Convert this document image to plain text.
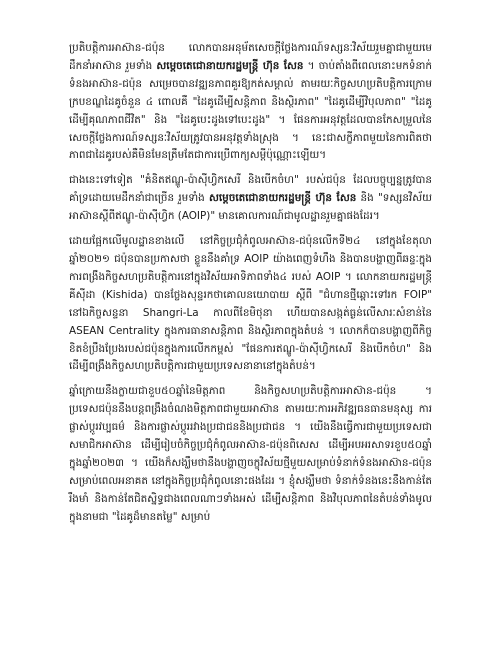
ប្រតិបត្តិការអាស៊ាន-ជប៉ុន លោកបានអនុម័តសេចក្តីថ្លែងការណ៍ទស្សនៈវិស័យរួមគ្នាជាមួយមេដឹកនាំអាស៊ាន រួមទាំង សម្តេចតេជោនាយករដ្ឋមន្ត្រី ហ៊ុន សែន ។ ចាប់តាំងពីពេលនោះមកទំនាក់ទំនងអាស៊ាន-ជប៉ុន សម្រេចបានវឌ្ឍនភាពគួរឱ្យកត់សម្គាល់ តាមរយៈកិច្ចសហប្រតិបត្តិការក្រោមក្របខណ្ឌដៃគូចំនួន ៤ ពោលគឺ "ដៃគូដើម្បីសន្តិភាព និងស្ថិរភាព" "ដៃគូដើម្បីវិបុលភាព" "ដៃគូដើម្បីគុណភាពជីវិត" និង "ដៃគូបេះដូងទៅបេះដូង" ។ ផែនការអនុវត្តដែលបានកែសម្រួលនៃសេចក្តីថ្លែងការណ៍ទស្សនៈវិស័យត្រូវបានអនុវត្តទាំងស្រុង ។ នេះជាសក្ខីភាពមួយនៃការពិតថា ភាពជាដៃគូរបស់គឺមិនមែនត្រឹមតែជាការប្រើពាក្យសម្តីប៉ុណ្ណោះឡើយ។

ជាងនេះទៅទៀត "គំនិតឥណ្ឌូ-ប៉ាស៊ីហ្វិកសេរី និងបើកចំហ" របស់ជប៉ុន ដែលបច្ចុប្បន្នត្រូវបានគាំទ្រដោយមេដឹកនាំជាច្រើន រួមទាំង សម្តេចតេជោនាយករដ្ឋមន្ត្រី ហ៊ុន សែន និង "ទស្សនវិស័យអាស៊ានស្តីពីឥណ្ឌូ-ប៉ាស៊ីហ្វិក (AOIP)" មានគោលការណ៍ជាមូលដ្ឋានរួមគ្នាផងដែរ។

ដោយផ្អែកលើមូលដ្ឋានខាងលើ នៅកិច្ចប្រជុំកំពូលអាស៊ាន-ជប៉ុនលើកទី២៤ នៅក្នុងខែតុលា ឆ្នាំ២០២១ ជប៉ុនបានប្រកាសថា ខ្លួននឹងគាំទ្រ AOIP យ៉ាងពេញទំហឹង និងបានបង្ហាញពីឆន្ទៈក្នុងការពង្រឹងកិច្ចសហប្រតិបត្តិការនៅក្នុងវិស័យអាទិភាពទាំង៤ របស់ AOIP ។ លោកនាយករដ្ឋមន្ត្រី គីស៊ីដា (Kishida) បានថ្លែងសុន្ទរកថាគោលនយោបាយ ស្តីពី "ជំហានថ្មីឆ្ពោះទៅរក FOIP" នៅឯកិច្ចសន្ទនា Shangri-La កាលពីខែមិថុនា ហើយបានសង្កត់ធ្ងន់លើសារៈសំខាន់នៃ ASEAN Centrality ក្នុងការធានាសន្តិភាព និងស្ថិរភាពក្នុងតំបន់ ។ លោកក៏បានបង្ហាញពីកិច្ចខិតខំប្រឹងប្រែងរបស់ជប៉ុនក្នុងការលើកកម្ពស់ "ផែនការឥណ្ឌូ-ប៉ាស៊ីហ្វិកសេរី និងបើកចំហ" និងដើម្បីពង្រឹងកិច្ចសហប្រតិបត្តិការជាមួយប្រទេសនានានៅក្នុងតំបន់។

ឆ្នាំក្រោយនឹងក្លាយជាខួប៥០ឆ្នាំនៃមិត្តភាព និងកិច្ចសហប្រតិបត្តិការអាស៊ាន-ជប៉ុន ។ ប្រទេសជប៉ុននឹងបន្តពង្រឹងចំណងមិត្តភាពជាមួយអាស៊ាន តាមរយៈការអភិវឌ្ឍធនធានមនុស្ស ការផ្លាស់ប្តូរវប្បធម៌ និងការផ្លាស់ប្តូររវាងប្រជាជននិងប្រជាជន ។ យើងនឹងធ្វើការជាមួយប្រទេសជាសមាជិកអាស៊ាន ដើម្បីរៀបចំកិច្ចប្រជុំកំពូលអាស៊ាន-ជប៉ុនពិសេស ដើម្បីអបអរសាទរខួប៥០ឆ្នាំ ក្នុងឆ្នាំ២០២៣ ។ យើងក៏សង្ឃឹមថានឹងបង្ហាញចក្ខុវិស័យថ្មីមួយសម្រាប់ទំនាក់ទំនងអាស៊ាន-ជប៉ុនសម្រាប់ពេលអនាគត នៅក្នុងកិច្ចប្រជុំកំពូលនោះផងដែរ ។ ខ្ញុំសង្ឃឹមថា ទំនាក់ទំនងនេះនឹងកាន់តែរឹងមាំ និងកាន់តែជិតស្និទ្ធជាងពេលណាៗទាំងអស់ ដើម្បីសន្តិភាព និងវិបុលភាពនៃតំបន់ទាំងមូល ក្នុងនាមជា "ដៃគូដ៏មានតម្លៃ" សម្រាប់
